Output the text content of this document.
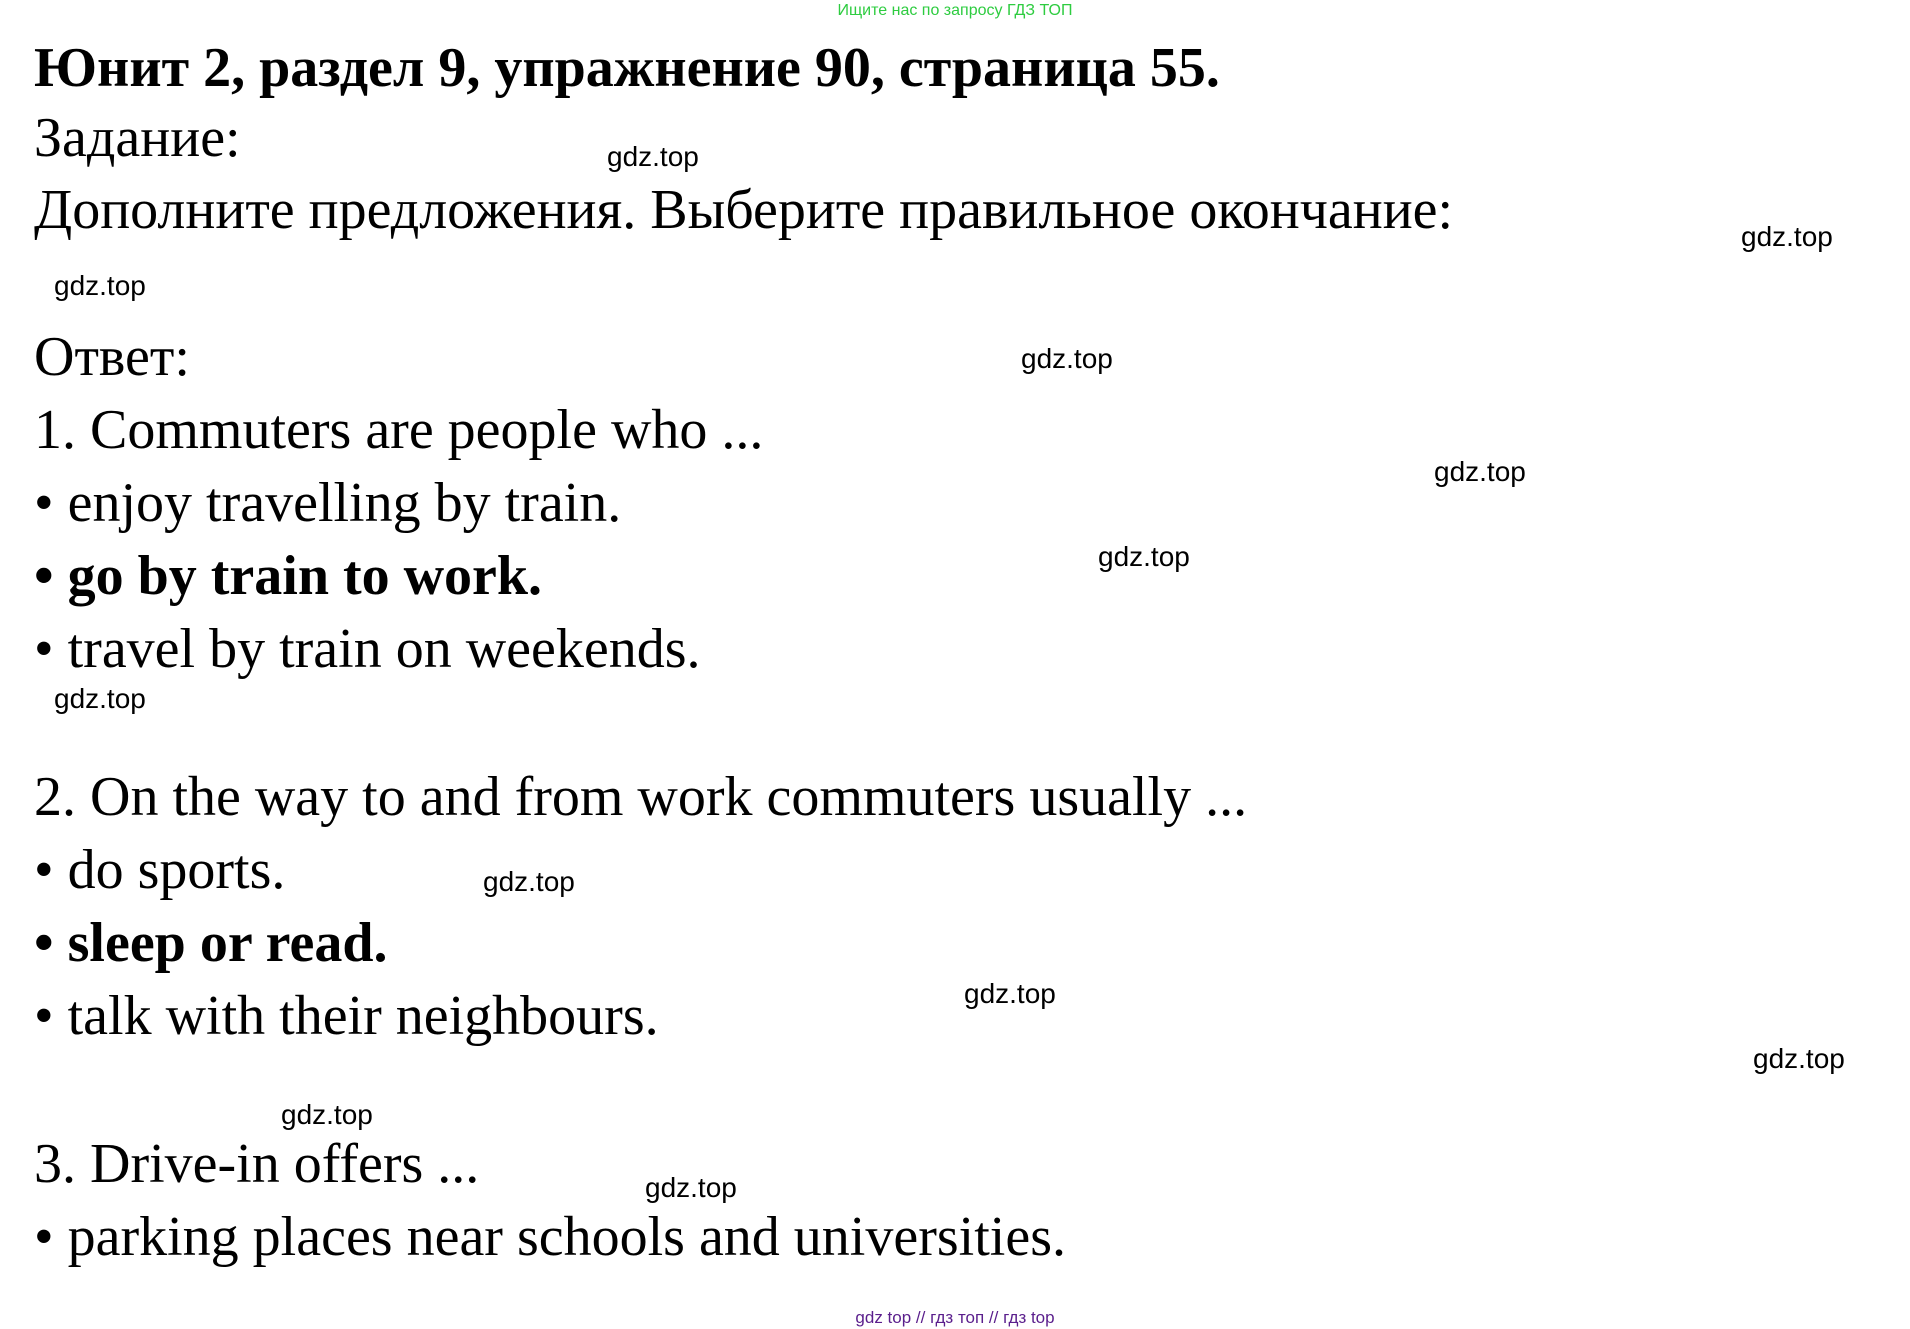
Ищите нас по запросу ГДЗ ТОП
Юнит 2, раздел 9, упражнение 90, страница 55.
Задание:
Дополните предложения. Выберите правильное окончание:
Ответ:
1. Commuters are people who ...
• enjoy travelling by train.
• go by train to work.
• travel by train on weekends.
2. On the way to and from work commuters usually ...
• do sports.
• sleep or read.
• talk with their neighbours.
3. Drive-in offers ...
• parking places near schools and universities.
gdz.top
gdz.top
gdz.top
gdz.top
gdz.top
gdz.top
gdz.top
gdz.top
gdz.top
gdz.top
gdz.top
gdz.top
gdz top // гдз топ // гдз top
